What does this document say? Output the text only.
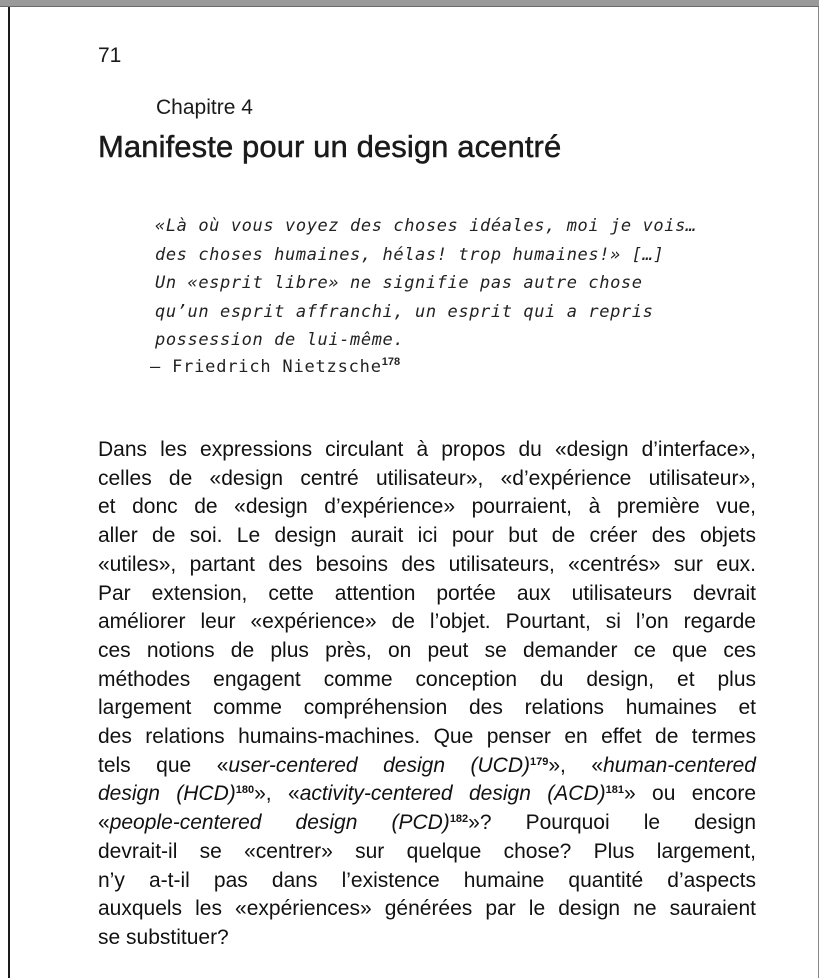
71
Chapitre 4
Manifeste pour un design acentré
«Là où vous voyez des choses idéales, moi je vois…
des choses humaines, hélas! trop humaines!» […]
Un «esprit libre» ne signifie pas autre chose
qu’un esprit affranchi, un esprit qui a repris
possession de lui-même.
— Friedrich Nietzsche$^{178}$
Dans les expressions circulant à propos du «design d’interface»,
celles de «design centré utilisateur», «d’expérience utilisateur»,
et donc de «design d’expérience» pourraient, à première vue,
aller de soi. Le design aurait ici pour but de créer des objets
«utiles», partant des besoins des utilisateurs, «centrés» sur eux.
Par extension, cette attention portée aux utilisateurs devrait
améliorer leur «expérience» de l’objet. Pourtant, si l’on regarde
ces notions de plus près, on peut se demander ce que ces
méthodes engagent comme conception du design, et plus
largement comme compréhension des relations humaines et
des relations humains-machines. Que penser en effet de termes
tels que «user-centered design (UCD)$^{179}$», «human-centered
design (HCD)$^{180}$», «activity-centered design (ACD)$^{181}$» ou encore
«people-centered design (PCD)$^{182}$»? Pourquoi le design
devrait-il se «centrer» sur quelque chose? Plus largement,
n’y a-t-il pas dans l’existence humaine quantité d’aspects
auxquels les «expériences» générées par le design ne sauraient
se substituer?
